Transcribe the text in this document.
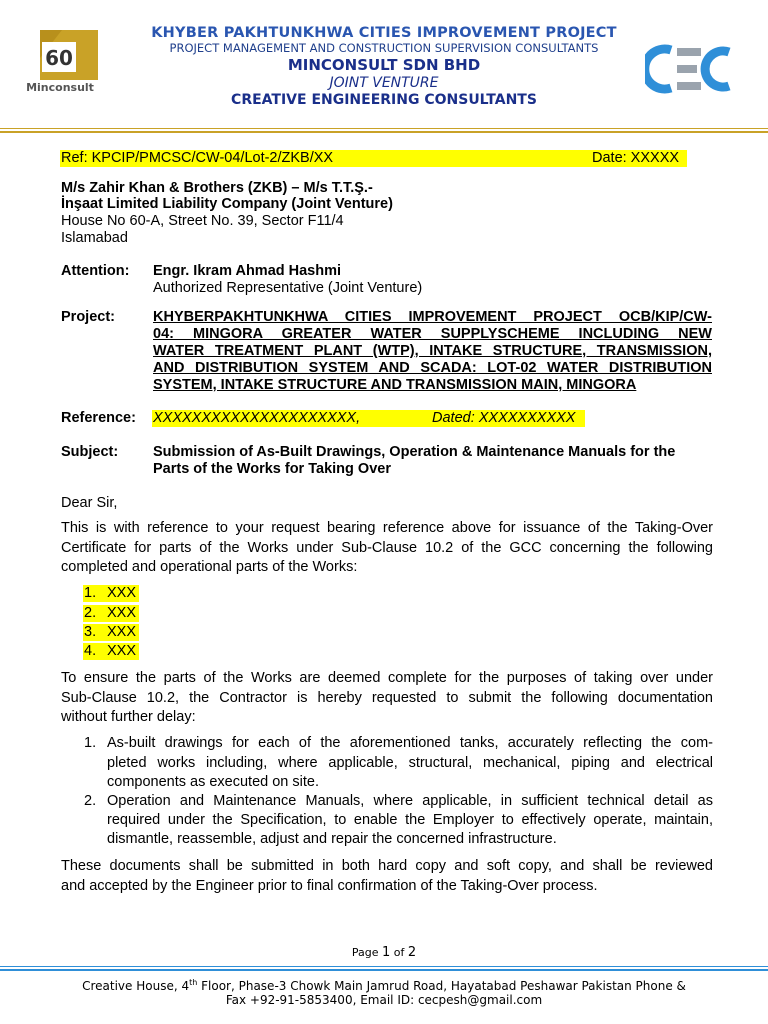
60
Minconsult
KHYBER PAKHTUNKHWA CITIES IMPROVEMENT PROJECT
PROJECT MANAGEMENT AND CONSTRUCTION SUPERVISION CONSULTANTS
MINCONSULT SDN BHD
JOINT VENTURE
CREATIVE ENGINEERING CONSULTANTS
Ref: KPCIP/PMCSC/CW-04/Lot-2/ZKB/XX	Date: XXXXX
M/s Zahir Khan & Brothers (ZKB) – M/s T.T.Ş.-
İnşaat Limited Liability Company (Joint Venture)
House No 60-A, Street No. 39, Sector F11/4
Islamabad
Attention: Engr. Ikram Ahmad Hashmi
Authorized Representative (Joint Venture)
Project:	KHYBERPAKHTUNKHWA CITIES IMPROVEMENT PROJECT OCB/KIP/CW-
04: MINGORA GREATER WATER SUPPLYSCHEME INCLUDING NEW
WATER TREATMENT PLANT (WTP), INTAKE STRUCTURE, TRANSMISSION,
AND DISTRIBUTION SYSTEM AND SCADA: LOT-02 WATER DISTRIBUTION
SYSTEM, INTAKE STRUCTURE AND TRANSMISSION MAIN, MINGORA
Reference: XXXXXXXXXXXXXXXXXXXXX,	Dated: XXXXXXXXXX
Subject: Submission of As-Built Drawings, Operation & Maintenance Manuals for the
Parts of the Works for Taking Over
Dear Sir,
This is with reference to your request bearing reference above for issuance of the Taking-Over
Certificate for parts of the Works under Sub-Clause 10.2 of the GCC concerning the following
completed and operational parts of the Works:
1. XXX
2. XXX
3. XXX
4. XXX
To ensure the parts of the Works are deemed complete for the purposes of taking over under
Sub-Clause 10.2, the Contractor is hereby requested to submit the following documentation
without further delay:
1. As-built drawings for each of the aforementioned tanks, accurately reflecting the com-
pleted works including, where applicable, structural, mechanical, piping and electrical
components as executed on site.
2. Operation and Maintenance Manuals, where applicable, in sufficient technical detail as
required under the Specification, to enable the Employer to effectively operate, maintain,
dismantle, reassemble, adjust and repair the concerned infrastructure.
These documents shall be submitted in both hard copy and soft copy, and shall be reviewed
and accepted by the Engineer prior to final confirmation of the Taking-Over process.
Page 1 of 2
Creative House, 4th Floor, Phase-3 Chowk Main Jamrud Road, Hayatabad Peshawar Pakistan Phone &
Fax +92-91-5853400, Email ID: cecpesh@gmail.com
